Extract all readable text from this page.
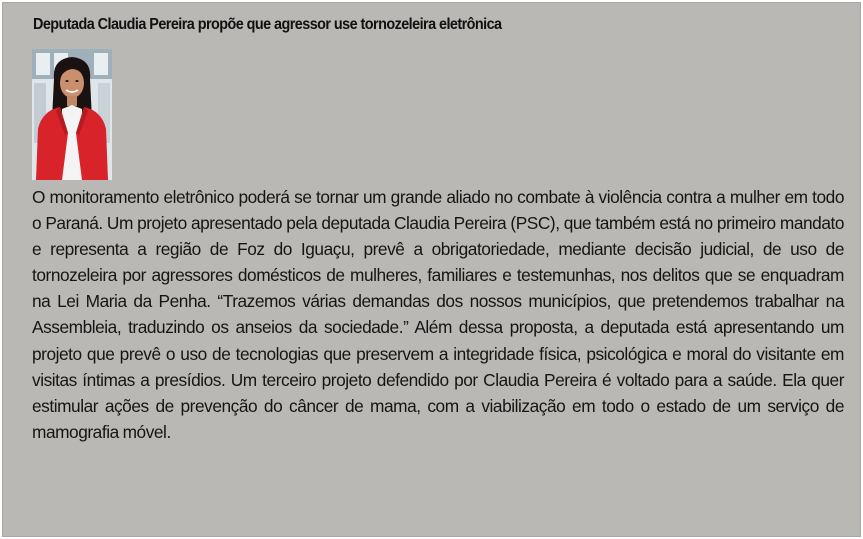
Deputada Claudia Pereira propõe que agressor use tornozeleira eletrônica

O monitoramento eletrônico poderá se tornar um grande aliado no combate à violência contra a mulher em todo o Paraná. Um projeto apresentado pela deputada Claudia Pereira (PSC), que também está no primeiro mandato e representa a região de Foz do Iguaçu, prevê a obrigatoriedade, mediante decisão judicial, de uso de tornozeleira por agressores domésticos de mulheres, familiares e testemunhas, nos delitos que se enquadram na Lei Maria da Penha. “Trazemos várias demandas dos nossos municípios, que pretendemos trabalhar na Assembleia, traduzindo os anseios da sociedade.” Além dessa proposta, a deputada está apresentando um projeto que prevê o uso de tecnologias que preservem a integridade física, psicológica e moral do visitante em visitas íntimas a presídios. Um terceiro projeto defendido por Claudia Pereira é voltado para a saúde. Ela quer estimular ações de prevenção do câncer de mama, com a viabilização em todo o estado de um serviço de mamografia móvel.
